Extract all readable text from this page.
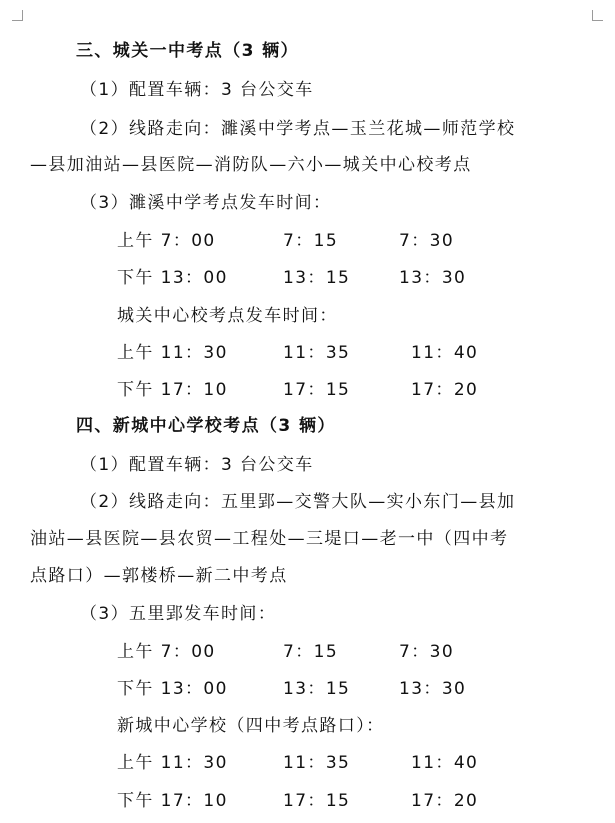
三、城关一中考点（3 辆）
（1）配置车辆：3 台公交车
（2）线路走向：濉溪中学考点—玉兰花城—师范学校
—县加油站—县医院—消防队—六小—城关中心校考点
（3）濉溪中学考点发车时间：
上午 7：00	7：15	7：30
下午 13：00	13：15	13：30
城关中心校考点发车时间：
上午 11：30	11：35	11：40
下午 17：10	17：15	17：20
四、新城中心学校考点（3 辆）
（1）配置车辆：3 台公交车
（2）线路走向：五里郢—交警大队—实小东门—县加
油站—县医院—县农贸—工程处—三堤口—老一中（四中考
点路口）—郭楼桥—新二中考点
（3）五里郢发车时间：
上午 7：00	7：15	7：30
下午 13：00	13：15	13：30
新城中心学校（四中考点路口）：
上午 11：30	11：35	11：40
下午 17：10	17：15	17：20
